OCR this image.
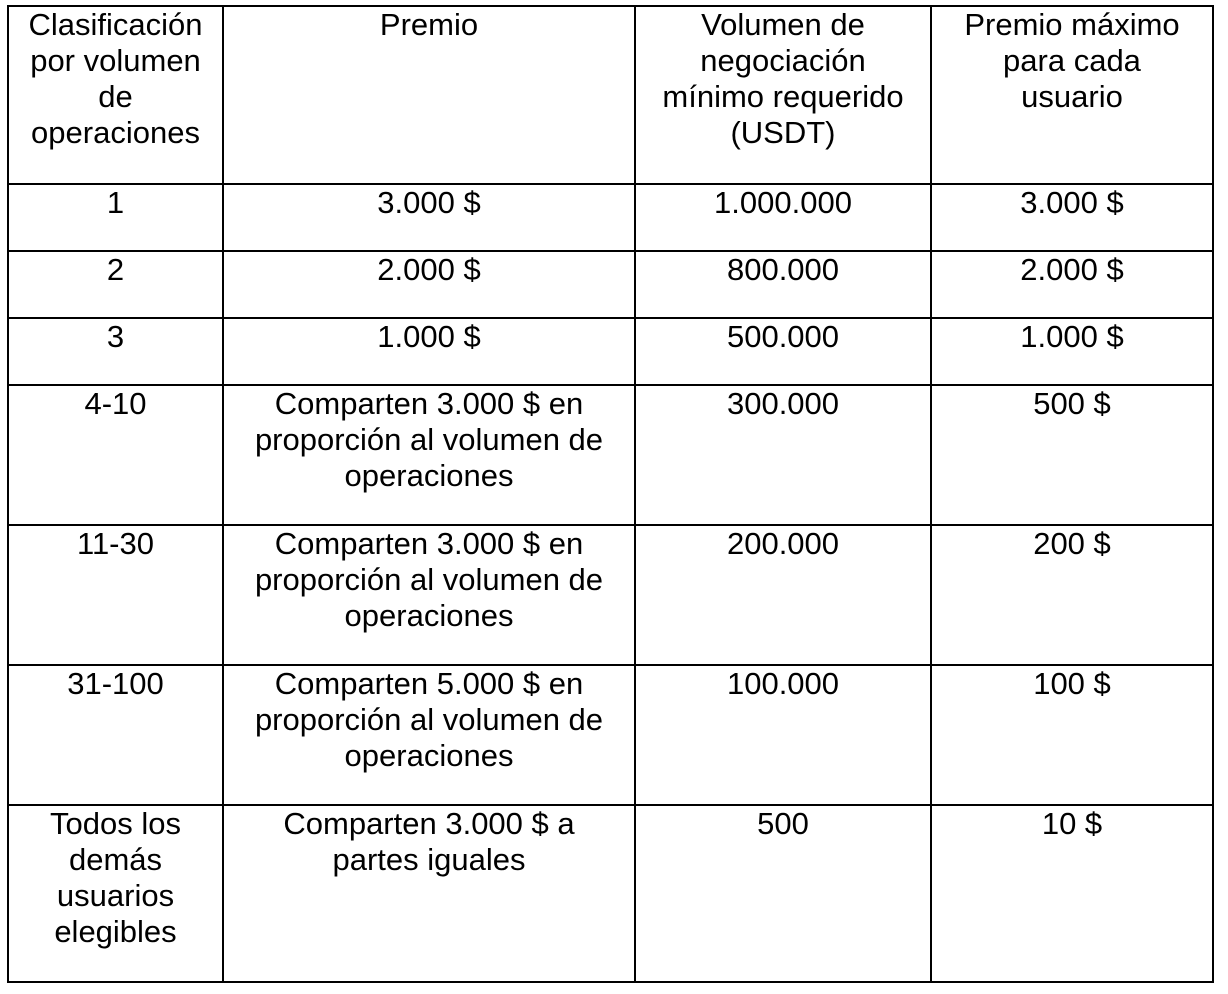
Clasificación por volumen de operaciones	Premio	Volumen de negociación mínimo requerido (USDT)	Premio máximo para cada usuario
1	3.000 $	1.000.000	3.000 $
2	2.000 $	800.000	2.000 $
3	1.000 $	500.000	1.000 $
4-10	Comparten 3.000 $ en proporción al volumen de operaciones	300.000	500 $
11-30	Comparten 3.000 $ en proporción al volumen de operaciones	200.000	200 $
31-100	Comparten 5.000 $ en proporción al volumen de operaciones	100.000	100 $
Todos los demás usuarios elegibles	Comparten 3.000 $ a partes iguales	500	10 $
